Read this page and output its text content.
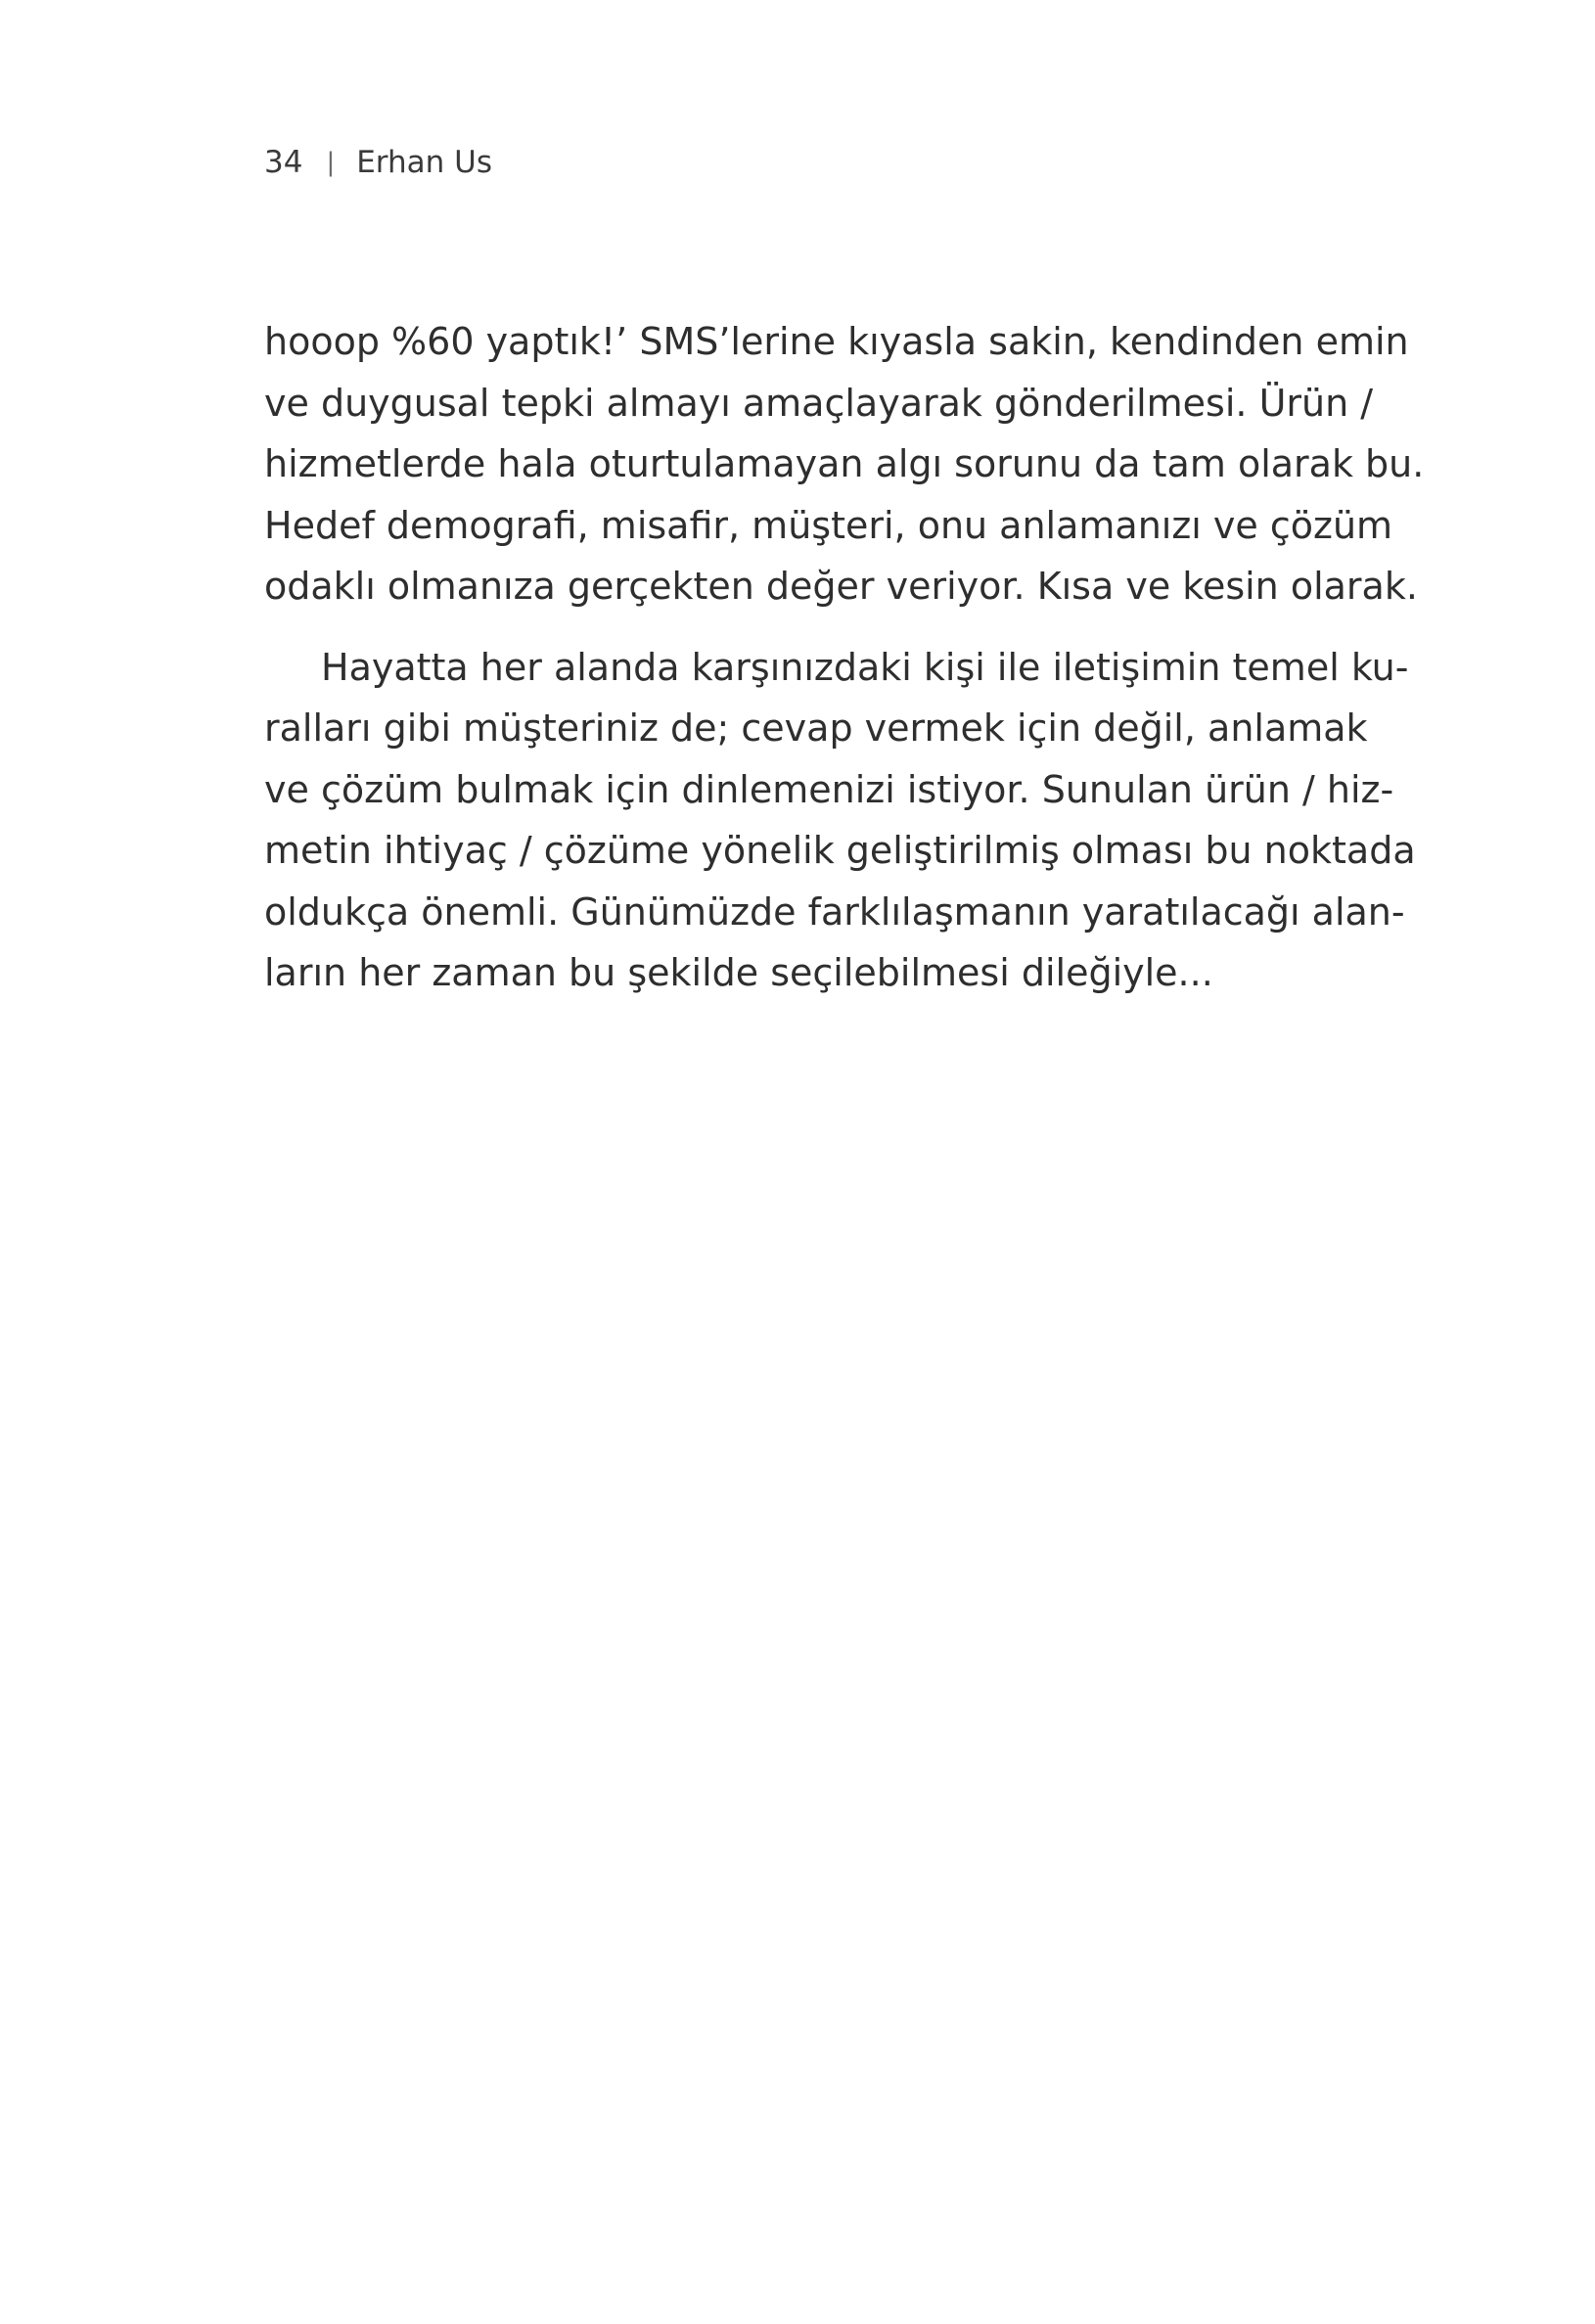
34 | Erhan Us
hooop %60 yaptık!’ SMS’lerine kıyasla sakin, kendinden emin
ve duygusal tepki almayı amaçlayarak gönderilmesi. Ürün /
hizmetlerde hala oturtulamayan algı sorunu da tam olarak bu.
Hedef demografi, misafir, müşteri, onu anlamanızı ve çözüm
odaklı olmanıza gerçekten değer veriyor. Kısa ve kesin olarak.
Hayatta her alanda karşınızdaki kişi ile iletişimin temel ku-
ralları gibi müşteriniz de; cevap vermek için değil, anlamak
ve çözüm bulmak için dinlemenizi istiyor. Sunulan ürün / hiz-
metin ihtiyaç / çözüme yönelik geliştirilmiş olması bu noktada
oldukça önemli. Günümüzde farklılaşmanın yaratılacağı alan-
ların her zaman bu şekilde seçilebilmesi dileğiyle...
